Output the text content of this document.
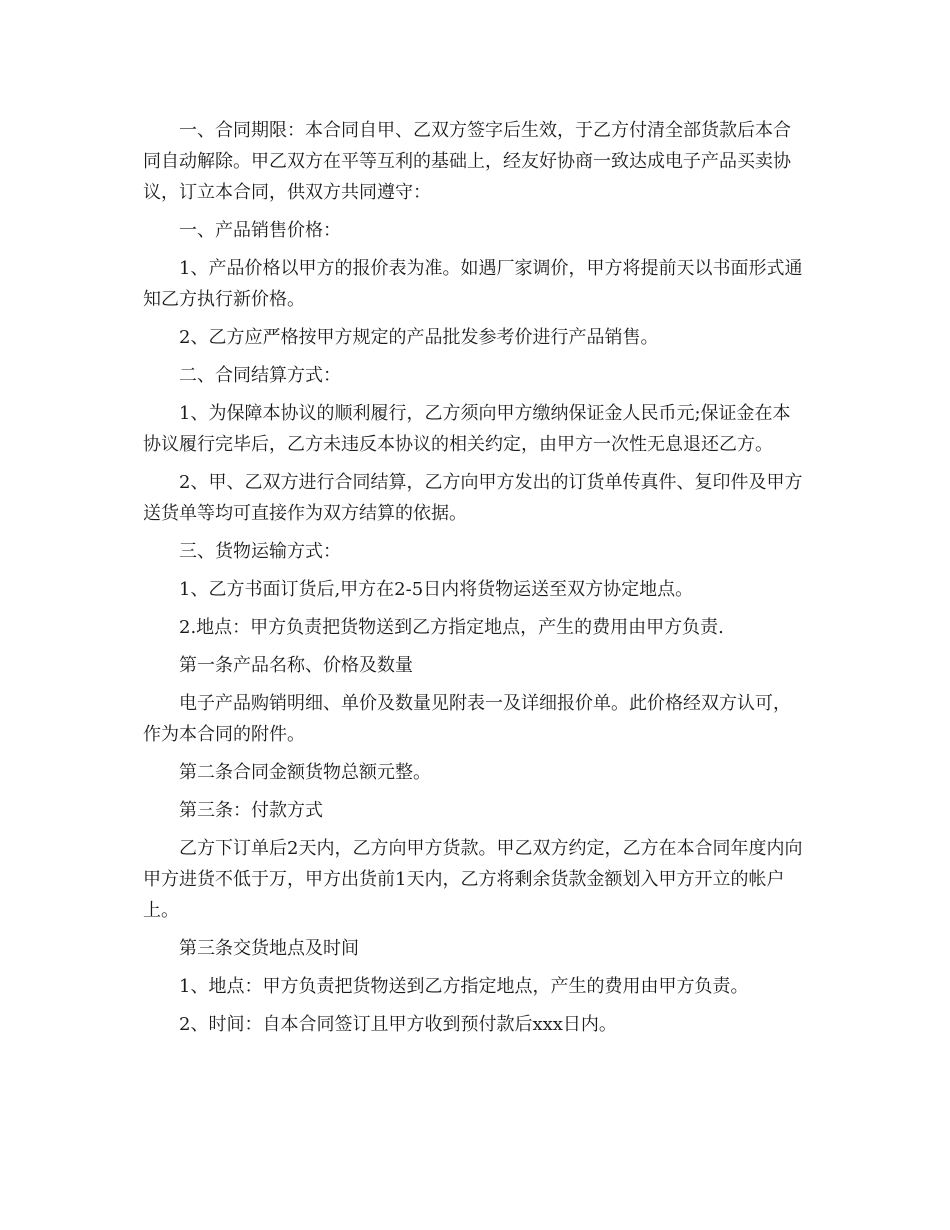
一、合同期限：本合同自甲、乙双方签字后生效，于乙方付清全部货款后本合同自动解除。甲乙双方在平等互利的基础上，经友好协商一致达成电子产品买卖协议，订立本合同，供双方共同遵守：

一、产品销售价格：

1、产品价格以甲方的报价表为准。如遇厂家调价，甲方将提前天以书面形式通知乙方执行新价格。

2、乙方应严格按甲方规定的产品批发参考价进行产品销售。

二、合同结算方式：

1、为保障本协议的顺利履行，乙方须向甲方缴纳保证金人民币元;保证金在本协议履行完毕后，乙方未违反本协议的相关约定，由甲方一次性无息退还乙方。

2、甲、乙双方进行合同结算，乙方向甲方发出的订货单传真件、复印件及甲方送货单等均可直接作为双方结算的依据。

三、货物运输方式：

1、乙方书面订货后,甲方在2-5日内将货物运送至双方协定地点。

2.地点：甲方负责把货物送到乙方指定地点，产生的费用由甲方负责.

第一条产品名称、价格及数量

电子产品购销明细、单价及数量见附表一及详细报价单。此价格经双方认可，作为本合同的附件。

第二条合同金额货物总额元整。

第三条：付款方式

乙方下订单后2天内，乙方向甲方货款。甲乙双方约定，乙方在本合同年度内向甲方进货不低于万，甲方出货前1天内，乙方将剩余货款金额划入甲方开立的帐户上。

第三条交货地点及时间

1、地点：甲方负责把货物送到乙方指定地点，产生的费用由甲方负责。

2、时间：自本合同签订且甲方收到预付款后xxx日内。
